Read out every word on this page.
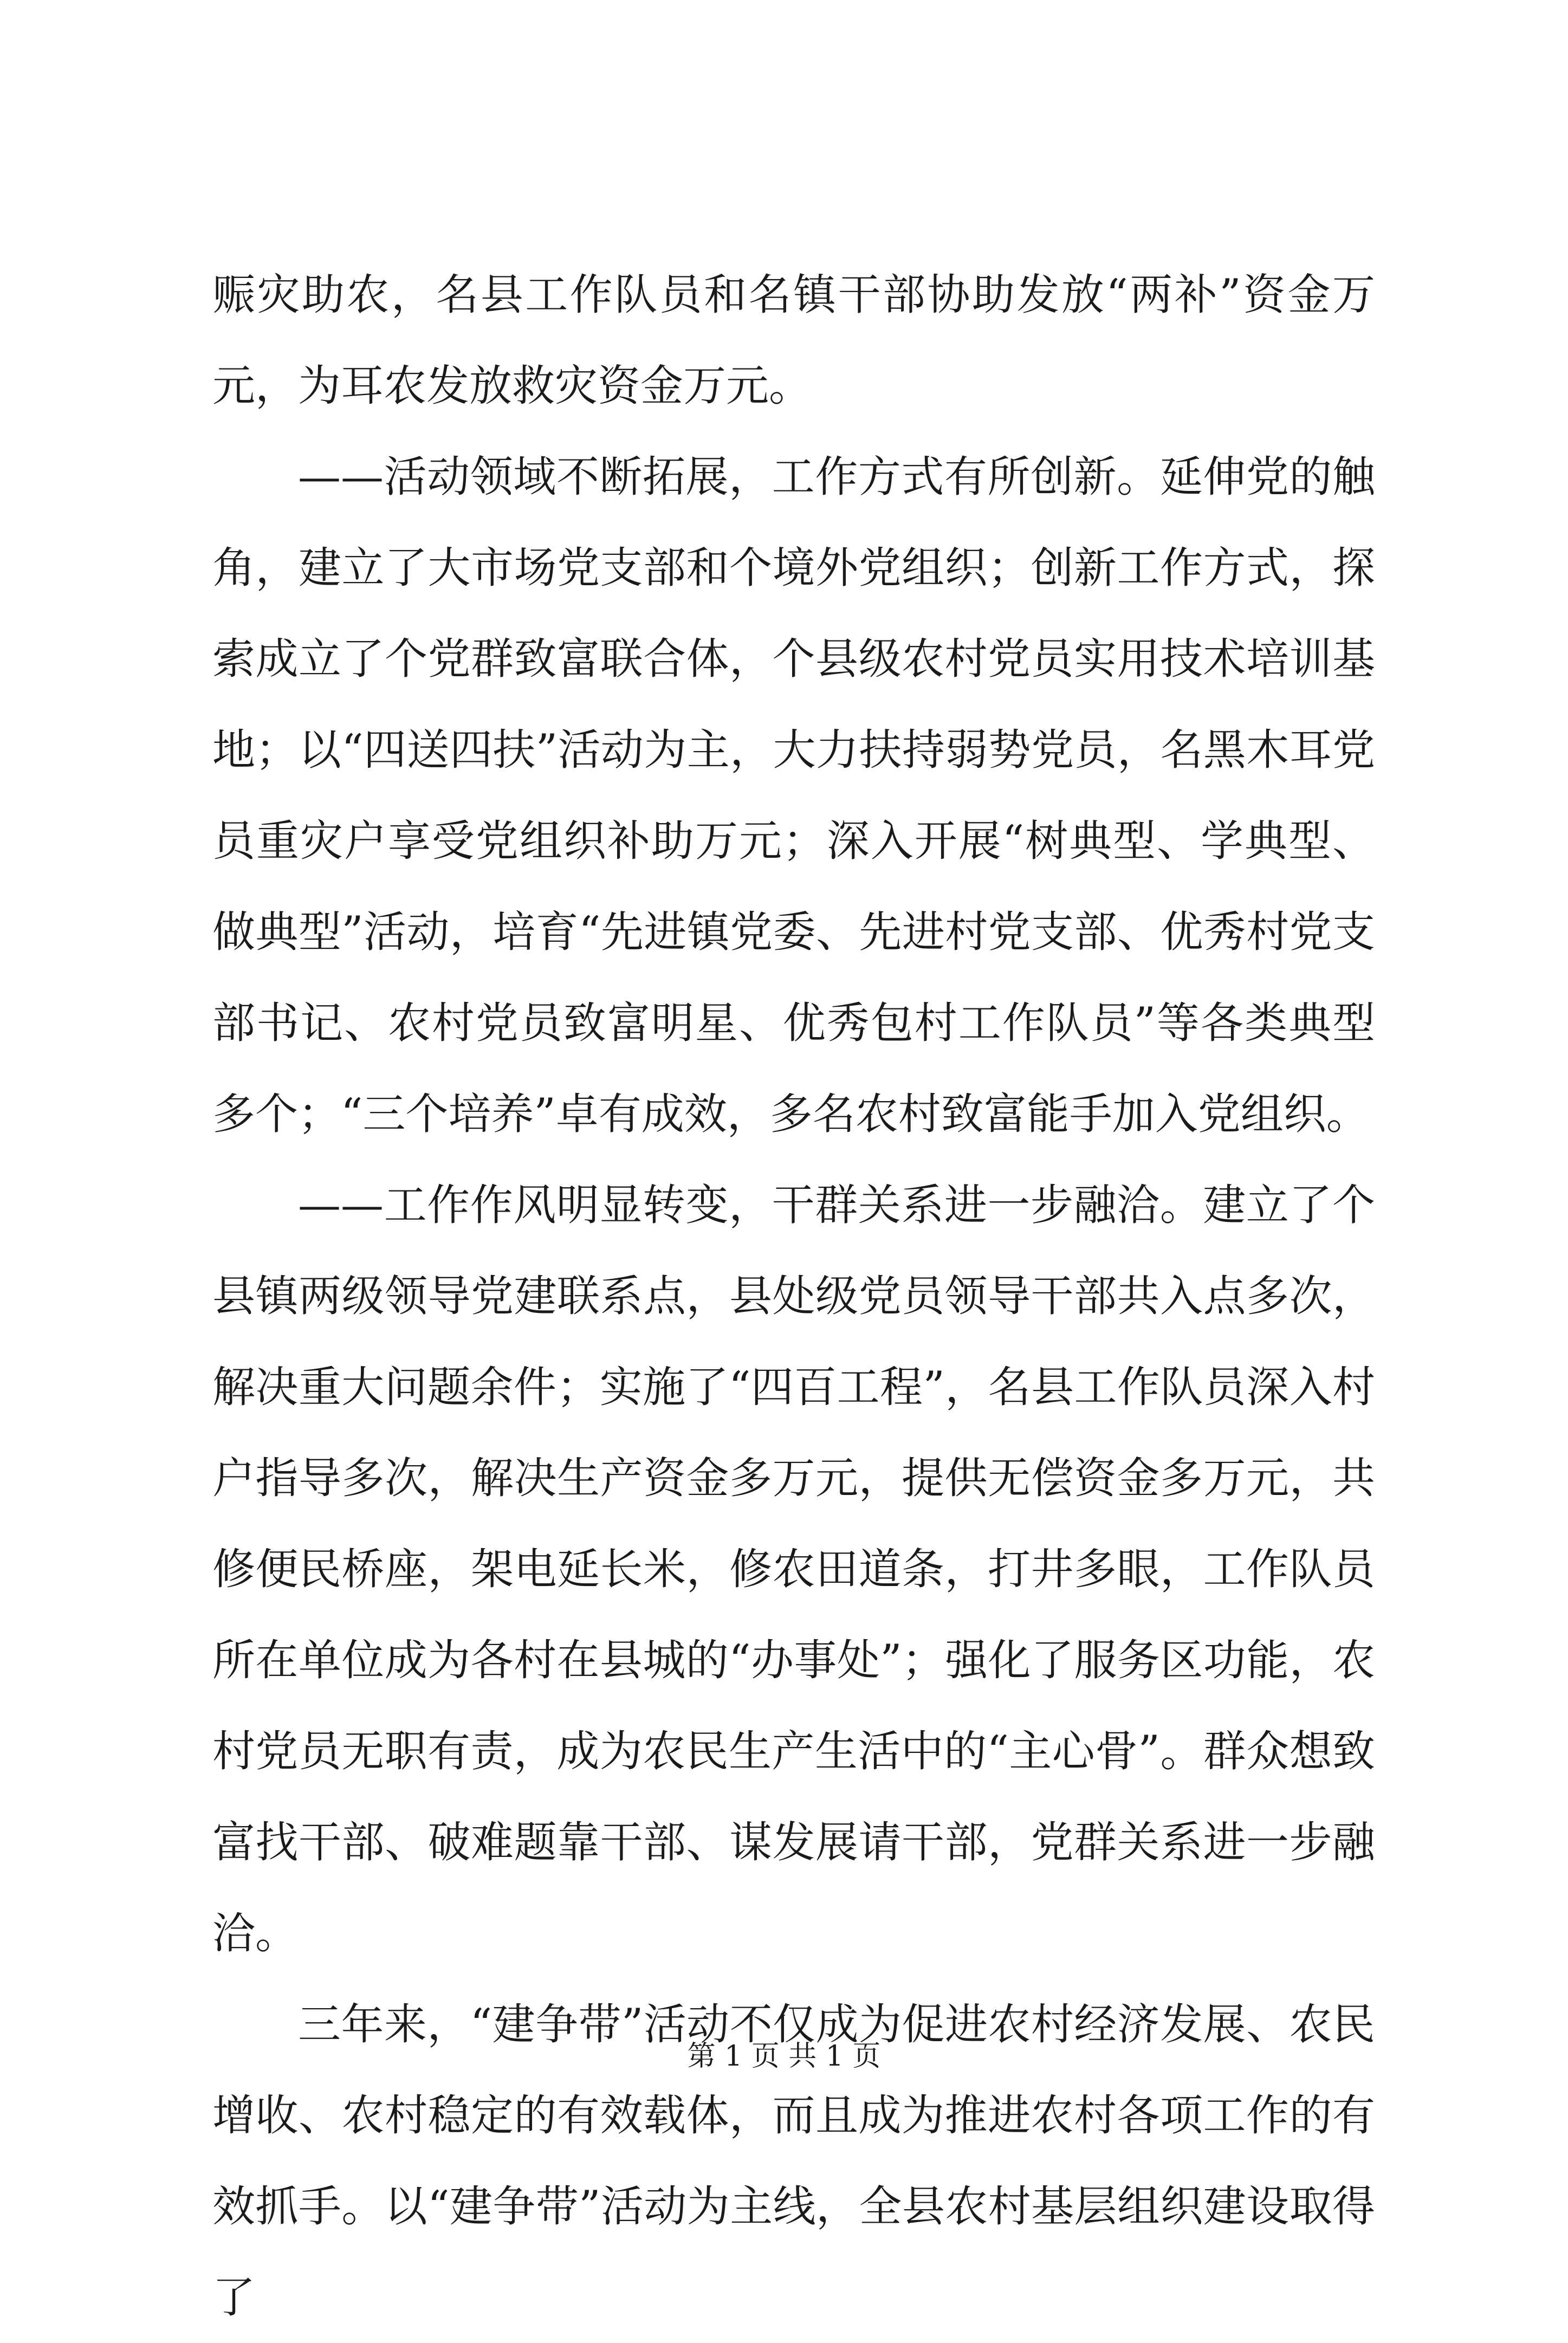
赈灾助农，名县工作队员和名镇干部协助发放“两补”资金万元，为耳农发放救灾资金万元。

——活动领域不断拓展，工作方式有所创新。延伸党的触角，建立了大市场党支部和个境外党组织；创新工作方式，探索成立了个党群致富联合体，个县级农村党员实用技术培训基地；以“四送四扶”活动为主，大力扶持弱势党员，名黑木耳党员重灾户享受党组织补助万元；深入开展“树典型、学典型、做典型”活动，培育“先进镇党委、先进村党支部、优秀村党支部书记、农村党员致富明星、优秀包村工作队员”等各类典型多个；“三个培养”卓有成效，多名农村致富能手加入党组织。

——工作作风明显转变，干群关系进一步融洽。建立了个县镇两级领导党建联系点，县处级党员领导干部共入点多次，解决重大问题余件；实施了“四百工程”，名县工作队员深入村户指导多次，解决生产资金多万元，提供无偿资金多万元，共修便民桥座，架电延长米，修农田道条，打井多眼，工作队员所在单位成为各村在县城的“办事处”；强化了服务区功能，农村党员无职有责，成为农民生产生活中的“主心骨”。群众想致富找干部、破难题靠干部、谋发展请干部，党群关系进一步融洽。

三年来，“建争带”活动不仅成为促进农村经济发展、农民增收、农村稳定的有效载体，而且成为推进农村各项工作的有效抓手。以“建争带”活动为主线，全县农村基层组织建设取得了

第 1 页 共 1 页
